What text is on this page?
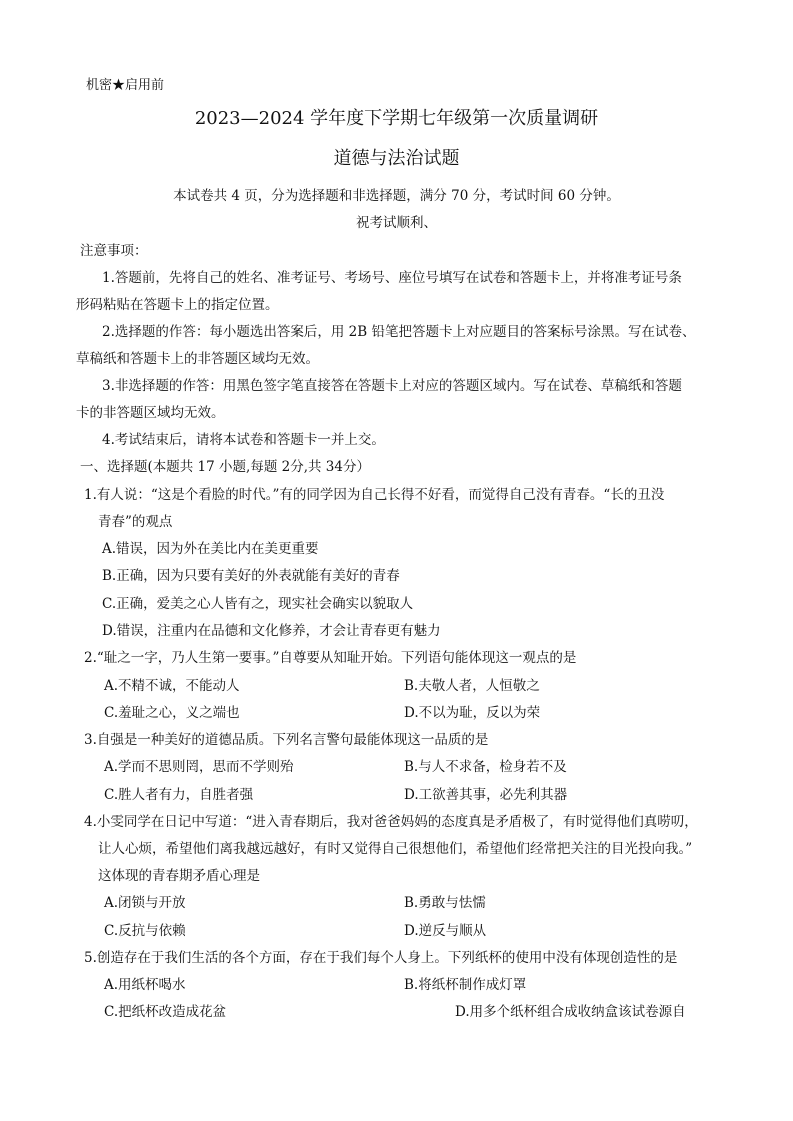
机密★启用前
2023—2024 学年度下学期七年级第一次质量调研
道德与法治试题
本试卷共 4 页，分为选择题和非选择题，满分 70 分，考试时间 60 分钟。
祝考试顺利、
注意事项：
1.答题前，先将自己的姓名、准考证号、考场号、座位号填写在试卷和答题卡上，并将准考证号条
形码粘贴在答题卡上的指定位置。
2.选择题的作答：每小题选出答案后，用 2B 铅笔把答题卡上对应题目的答案标号涂黑。写在试卷、
草稿纸和答题卡上的非答题区域均无效。
3.非选择题的作答：用黑色签字笔直接答在答题卡上对应的答题区域内。写在试卷、草稿纸和答题
卡的非答题区域均无效。
4.考试结束后，请将本试卷和答题卡一并上交。
一、选择题(本题共 17 小题,每题 2分,共 34分）
1.有人说：“这是个看脸的时代。”有的同学因为自己长得不好看，而觉得自己没有青春。“长的丑没
青春”的观点
A.错误，因为外在美比内在美更重要
B.正确，因为只要有美好的外表就能有美好的青春
C.正确，爱美之心人皆有之，现实社会确实以貌取人
D.错误，注重内在品德和文化修养，才会让青春更有魅力
2.“耻之一字，乃人生第一要事。”自尊要从知耻开始。下列语句能体现这一观点的是
A.不精不诚，不能动人	B.夫敬人者，人恒敬之
C.羞耻之心，义之端也	D.不以为耻，反以为荣
3.自强是一种美好的道德品质。下列名言警句最能体现这一品质的是
A.学而不思则罔，思而不学则殆	B.与人不求备，检身若不及
C.胜人者有力，自胜者强	D.工欲善其事，必先利其器
4.小雯同学在日记中写道：“进入青春期后，我对爸爸妈妈的态度真是矛盾极了，有时觉得他们真唠叨，
让人心烦，希望他们离我越远越好，有时又觉得自己很想他们，希望他们经常把关注的目光投向我。”
这体现的青春期矛盾心理是
A.闭锁与开放	B.勇敢与怯懦
C.反抗与依赖	D.逆反与顺从
5.创造存在于我们生活的各个方面，存在于我们每个人身上。下列纸杯的使用中没有体现创造性的是
A.用纸杯喝水	B.将纸杯制作成灯罩
C.把纸杯改造成花盆	D.用多个纸杯组合成收纳盒该试卷源自
